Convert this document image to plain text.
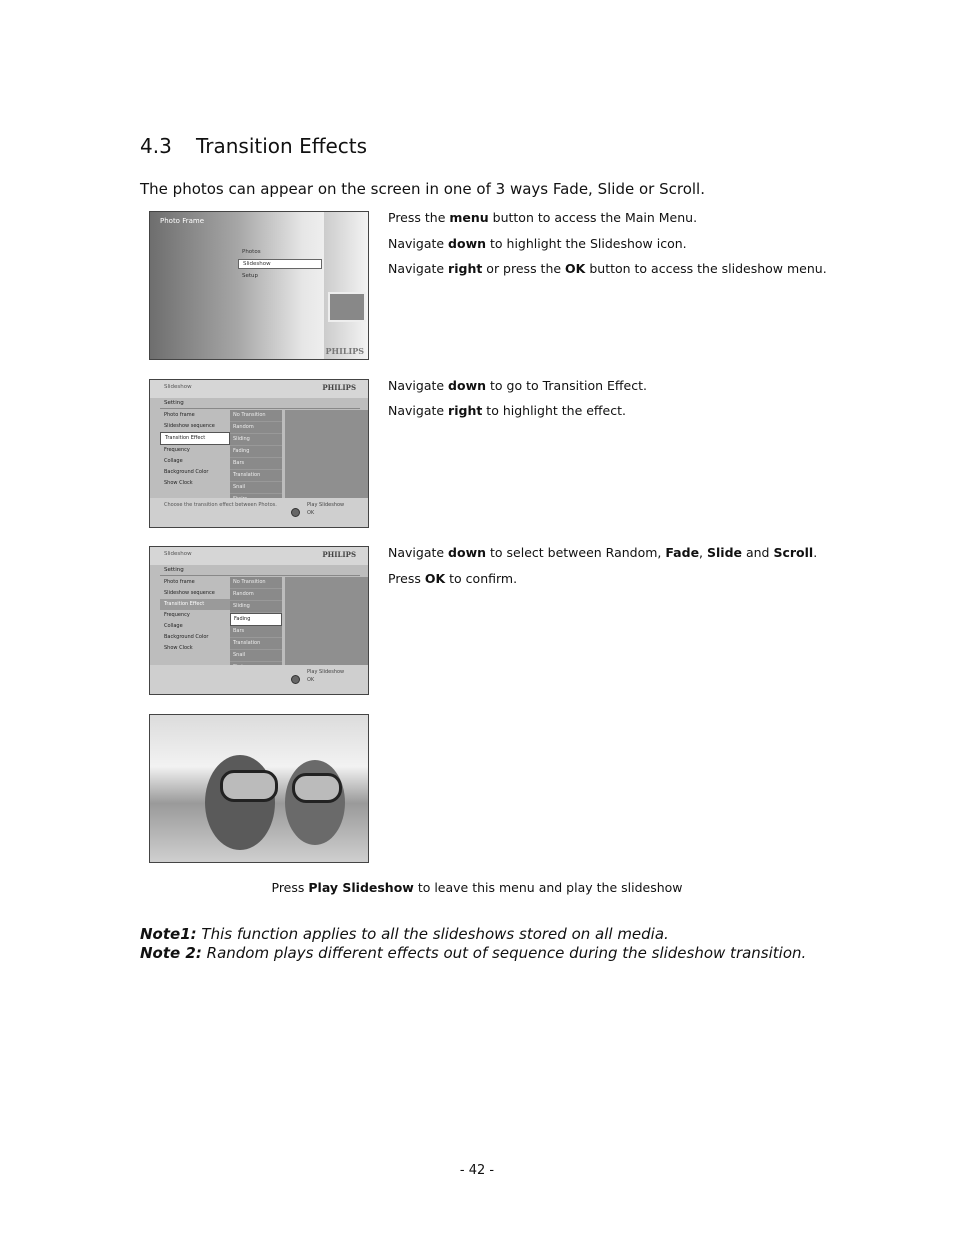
4.3 Transition Effects
The photos can appear on the screen in one of 3 ways Fade, Slide or Scroll.
Photo Frame
Photos
Slideshow
Setup
PHILIPS
Press the menu button to access the Main Menu.
Navigate down to highlight the Slideshow icon.
Navigate right or press the OK button to access the slideshow menu.
Slideshow	PHILIPS
Setting
Photo frame
Slideshow sequence
Transition Effect
Frequency
Collage
Background Color
Show Clock
No Transition
Random
Sliding
Fading
Bars
Translation
Snail
Choose the transition effect between Photos.	Play Slideshow
OK
Navigate down to go to Transition Effect.
Navigate right to highlight the effect.
Slideshow	PHILIPS
Setting
Photo frame
Slideshow sequence
Transition Effect
Frequency
Collage
Background Color
Show Clock
No Transition
Random
Sliding
Fading
Bars
Translation
Snail
Play Slideshow
OK
Navigate down to select between Random, Fade, Slide and Scroll.
Press OK to confirm.
Press Play Slideshow to leave this menu and play the slideshow
Note1: This function applies to all the slideshows stored on all media.
Note 2: Random plays different effects out of sequence during the slideshow transition.
- 42 -
